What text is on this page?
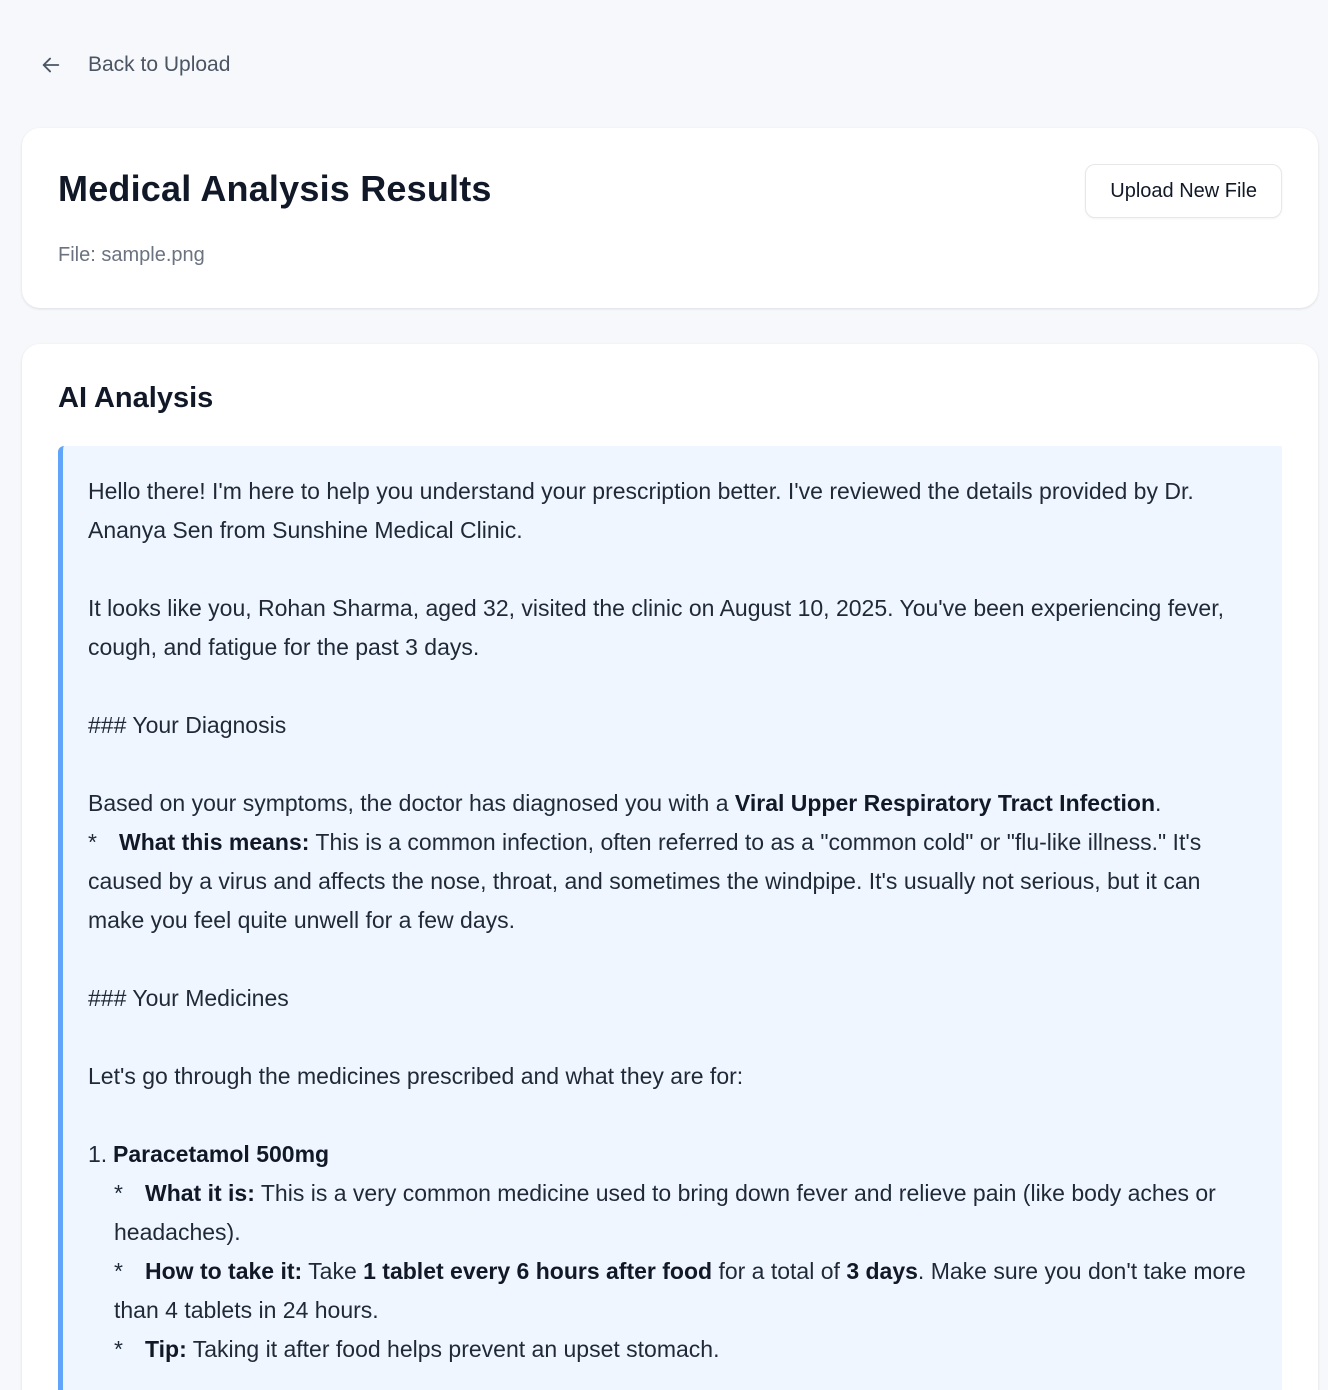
Back to Upload
Medical Analysis Results
File: sample.png
Upload New File
AI Analysis

Hello there! I'm here to help you understand your prescription better. I've reviewed the details provided by Dr. Ananya Sen from Sunshine Medical Clinic.

It looks like you, Rohan Sharma, aged 32, visited the clinic on August 10, 2025. You've been experiencing fever, cough, and fatigue for the past 3 days.

### Your Diagnosis

Based on your symptoms, the doctor has diagnosed you with a Viral Upper Respiratory Tract Infection.

* What this means: This is a common infection, often referred to as a "common cold" or "flu-like illness." It's caused by a virus and affects the nose, throat, and sometimes the windpipe. It's usually not serious, but it can make you feel quite unwell for a few days.

### Your Medicines

Let's go through the medicines prescribed and what they are for:

1. Paracetamol 500mg

* What it is: This is a very common medicine used to bring down fever and relieve pain (like body aches or headaches).

* How to take it: Take 1 tablet every 6 hours after food for a total of 3 days. Make sure you don't take more than 4 tablets in 24 hours.

* Tip: Taking it after food helps prevent an upset stomach.
